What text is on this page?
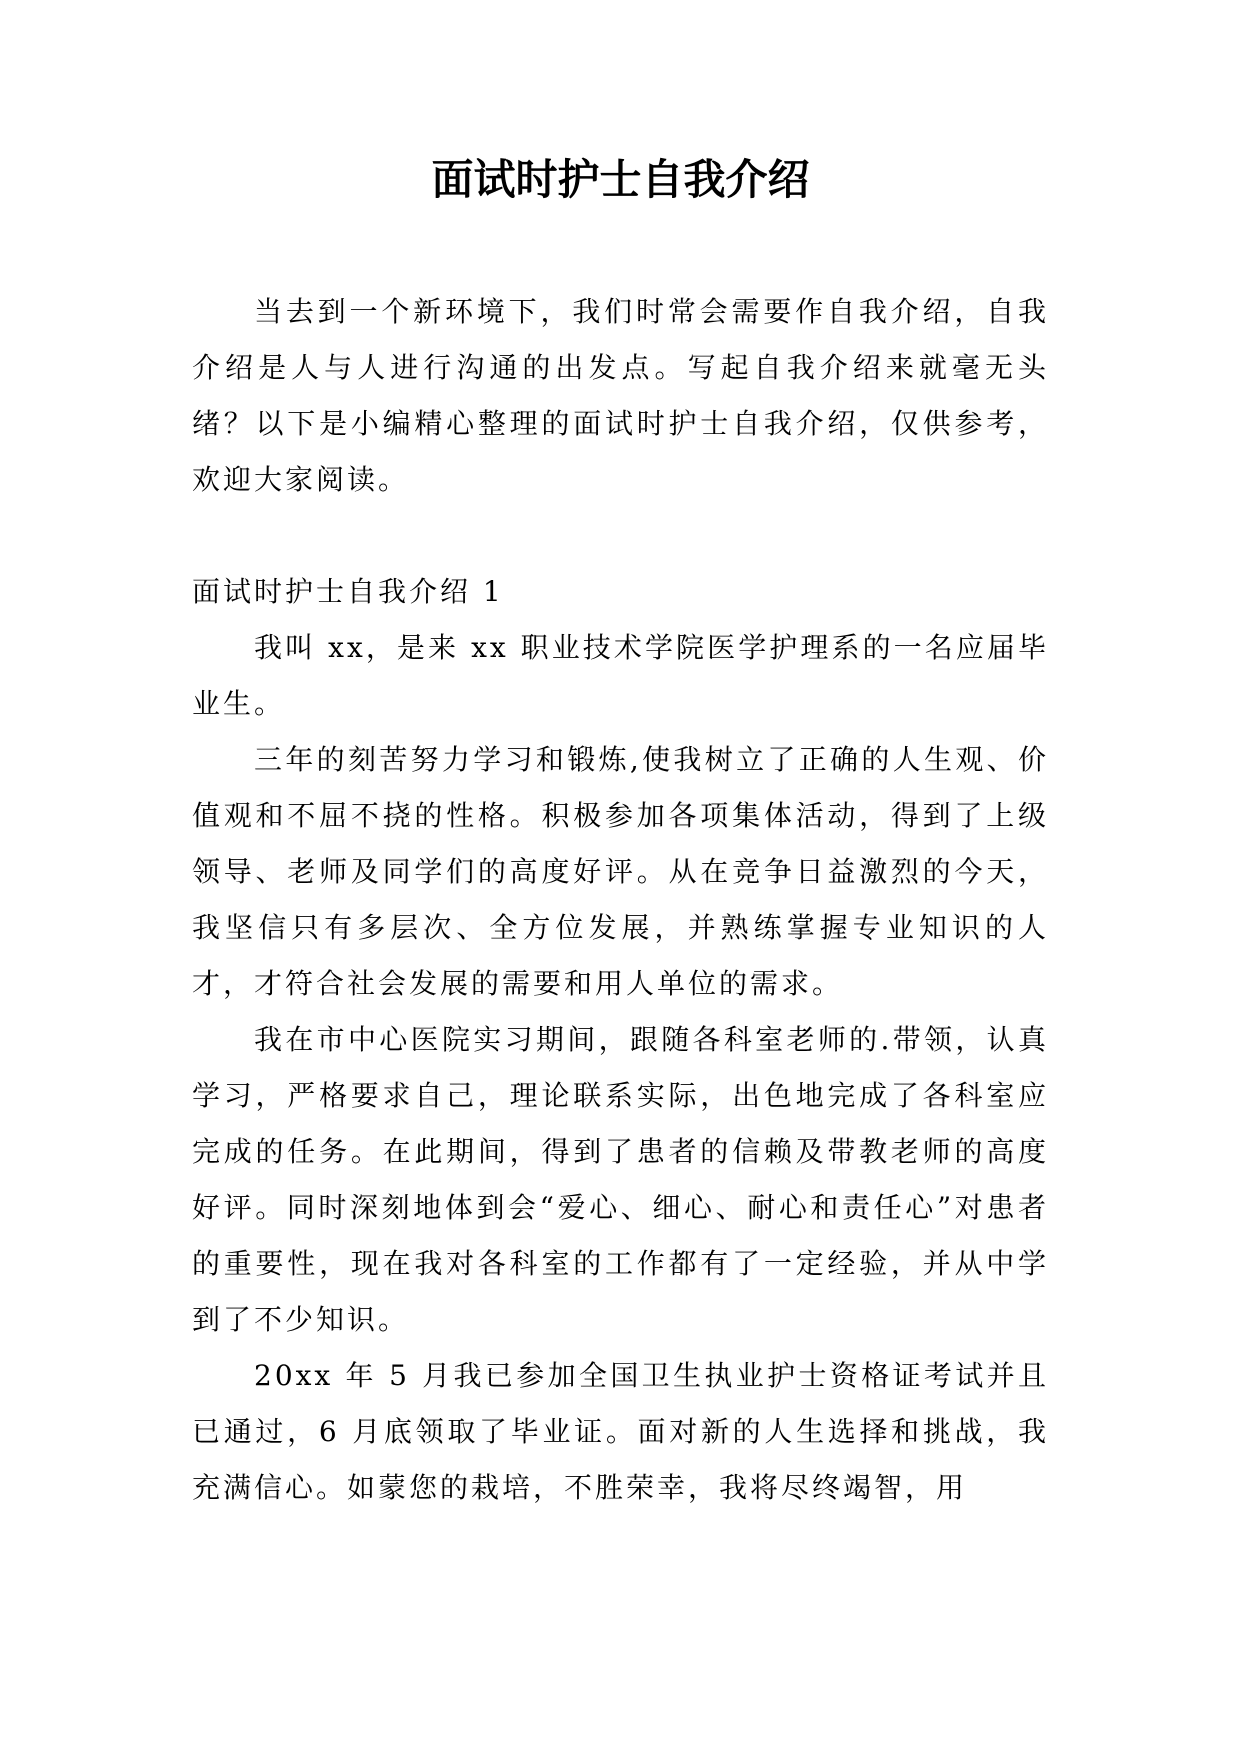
面试时护士自我介绍

当去到一个新环境下，我们时常会需要作自我介绍，自我介绍是人与人进行沟通的出发点。写起自我介绍来就毫无头绪？以下是小编精心整理的面试时护士自我介绍，仅供参考，欢迎大家阅读。

面试时护士自我介绍 1

我叫 xx，是来 xx 职业技术学院医学护理系的一名应届毕业生。

三年的刻苦努力学习和锻炼,使我树立了正确的人生观、价值观和不屈不挠的性格。积极参加各项集体活动，得到了上级领导、老师及同学们的高度好评。从在竞争日益激烈的今天，我坚信只有多层次、全方位发展，并熟练掌握专业知识的人才，才符合社会发展的需要和用人单位的需求。

我在市中心医院实习期间，跟随各科室老师的.带领，认真学习，严格要求自己，理论联系实际，出色地完成了各科室应完成的任务。在此期间，得到了患者的信赖及带教老师的高度好评。同时深刻地体到会“爱心、细心、耐心和责任心”对患者的重要性，现在我对各科室的工作都有了一定经验，并从中学到了不少知识。

20xx 年 5 月我已参加全国卫生执业护士资格证考试并且已通过，6 月底领取了毕业证。面对新的人生选择和挑战，我充满信心。如蒙您的栽培，不胜荣幸，我将尽终竭智，用
